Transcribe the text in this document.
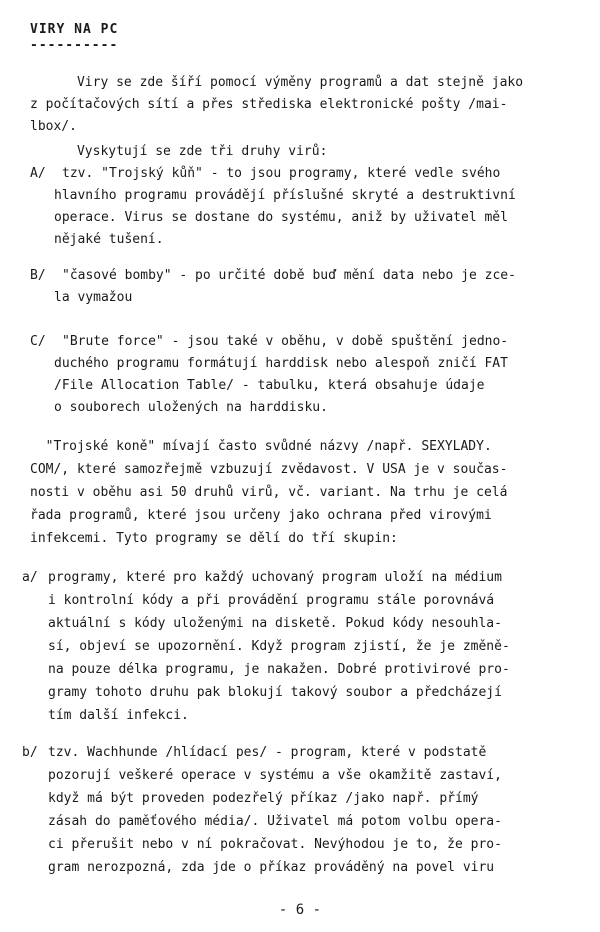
VIRY NA PC
----------
Viry se zde šíří pomocí výměny programů a dat stejně jako
z počítačových sítí a přes střediska elektronické pošty /mai-
lbox/.
Vyskytují se zde tři druhy virů:
A/ tzv. "Trojský kůň" - to jsou programy, které vedle svého
hlavního programu provádějí příslušné skryté a destruktivní
operace. Virus se dostane do systému, aniž by uživatel měl
nějaké tušení.
B/ "časové bomby" - po určité době buď mění data nebo je zce-
la vymažou
C/ "Brute force" - jsou také v oběhu, v době spuštění jedno-
duchého programu formátují harddisk nebo alespoň zničí FAT
/File Allocation Table/ - tabulku, která obsahuje údaje
o souborech uložených na harddisku.
"Trojské koně" mívají často svůdné názvy /např. SEXYLADY.
COM/, které samozřejmě vzbuzují zvědavost. V USA je v součas-
nosti v oběhu asi 50 druhů virů, vč. variant. Na trhu je celá
řada programů, které jsou určeny jako ochrana před virovými
infekcemi. Tyto programy se dělí do tří skupin:
a/ programy, které pro každý uchovaný program uloží na médium
i kontrolní kódy a při provádění programu stále porovnává
aktuální s kódy uloženými na disketě. Pokud kódy nesouhla-
sí, objeví se upozornění. Když program zjistí, že je změně-
na pouze délka programu, je nakažen. Dobré protivirové pro-
gramy tohoto druhu pak blokují takový soubor a předcházejí
tím další infekci.
b/ tzv. Wachhunde /hlídací pes/ - program, které v podstatě
pozorují veškeré operace v systému a vše okamžitě zastaví,
když má být proveden podezřelý příkaz /jako např. přímý
zásah do paměťového média/. Uživatel má potom volbu opera-
ci přerušit nebo v ní pokračovat. Nevýhodou je to, že pro-
gram nerozpozná, zda jde o příkaz prováděný na povel viru
- 6 -
